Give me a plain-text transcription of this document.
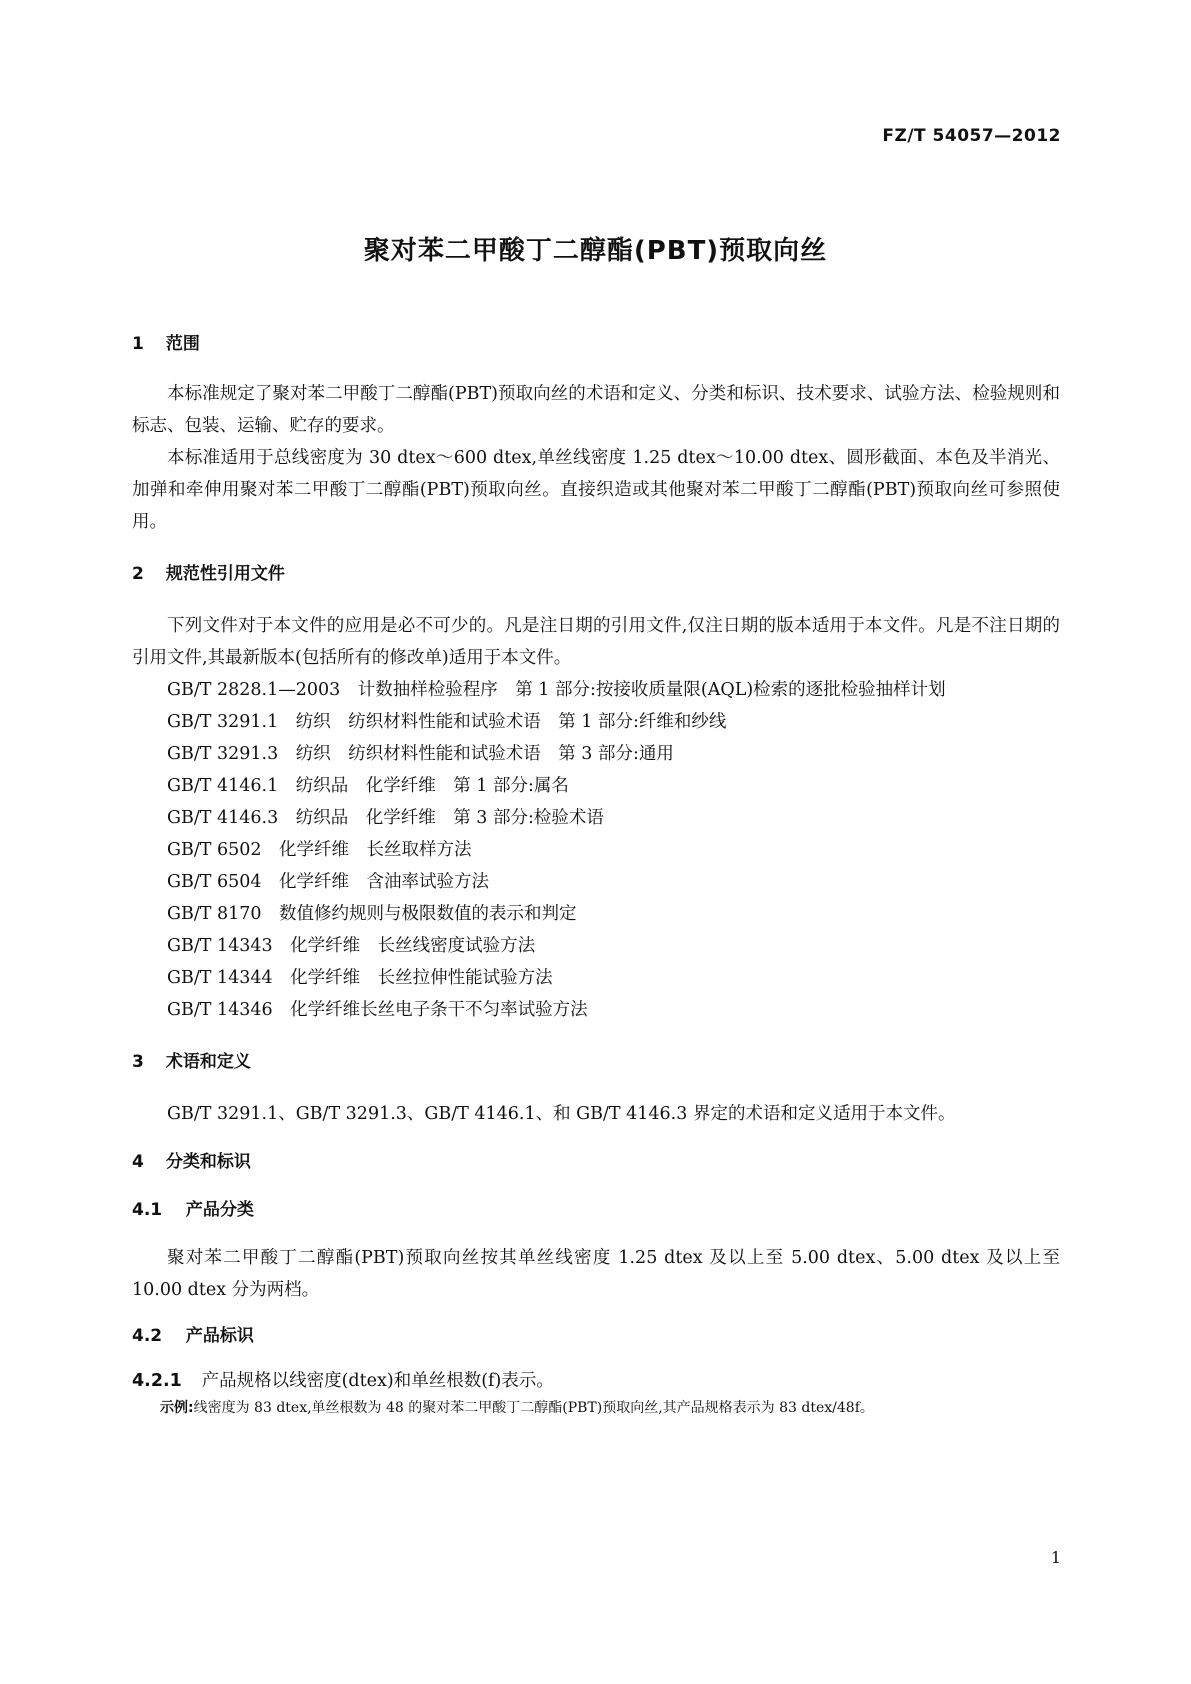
FZ/T 54057—2012
聚对苯二甲酸丁二醇酯(PBT)预取向丝
1 范围

本标准规定了聚对苯二甲酸丁二醇酯(PBT)预取向丝的术语和定义、分类和标识、技术要求、试验方法、检验规则和标志、包装、运输、贮存的要求。

本标准适用于总线密度为 30 dtex～600 dtex,单丝线密度 1.25 dtex～10.00 dtex、圆形截面、本色及半消光、加弹和牵伸用聚对苯二甲酸丁二醇酯(PBT)预取向丝。直接织造或其他聚对苯二甲酸丁二醇酯(PBT)预取向丝可参照使用。

2 规范性引用文件

下列文件对于本文件的应用是必不可少的。凡是注日期的引用文件,仅注日期的版本适用于本文件。凡是不注日期的引用文件,其最新版本(包括所有的修改单)适用于本文件。

GB/T 2828.1—2003　计数抽样检验程序　第 1 部分:按接收质量限(AQL)检索的逐批检验抽样计划

GB/T 3291.1　纺织　纺织材料性能和试验术语　第 1 部分:纤维和纱线

GB/T 3291.3　纺织　纺织材料性能和试验术语　第 3 部分:通用

GB/T 4146.1　纺织品　化学纤维　第 1 部分:属名

GB/T 4146.3　纺织品　化学纤维　第 3 部分:检验术语

GB/T 6502　化学纤维　长丝取样方法

GB/T 6504　化学纤维　含油率试验方法

GB/T 8170　数值修约规则与极限数值的表示和判定

GB/T 14343　化学纤维　长丝线密度试验方法

GB/T 14344　化学纤维　长丝拉伸性能试验方法

GB/T 14346　化学纤维长丝电子条干不匀率试验方法

3 术语和定义

GB/T 3291.1、GB/T 3291.3、GB/T 4146.1、和 GB/T 4146.3 界定的术语和定义适用于本文件。

4 分类和标识
4.1 产品分类

聚对苯二甲酸丁二醇酯(PBT)预取向丝按其单丝线密度 1.25 dtex 及以上至 5.00 dtex、5.00 dtex 及以上至 10.00 dtex 分为两档。

4.2 产品标识
4.2.1 产品规格以线密度(dtex)和单丝根数(f)表示。
示例:线密度为 83 dtex,单丝根数为 48 的聚对苯二甲酸丁二醇酯(PBT)预取向丝,其产品规格表示为 83 dtex/48f。
1
